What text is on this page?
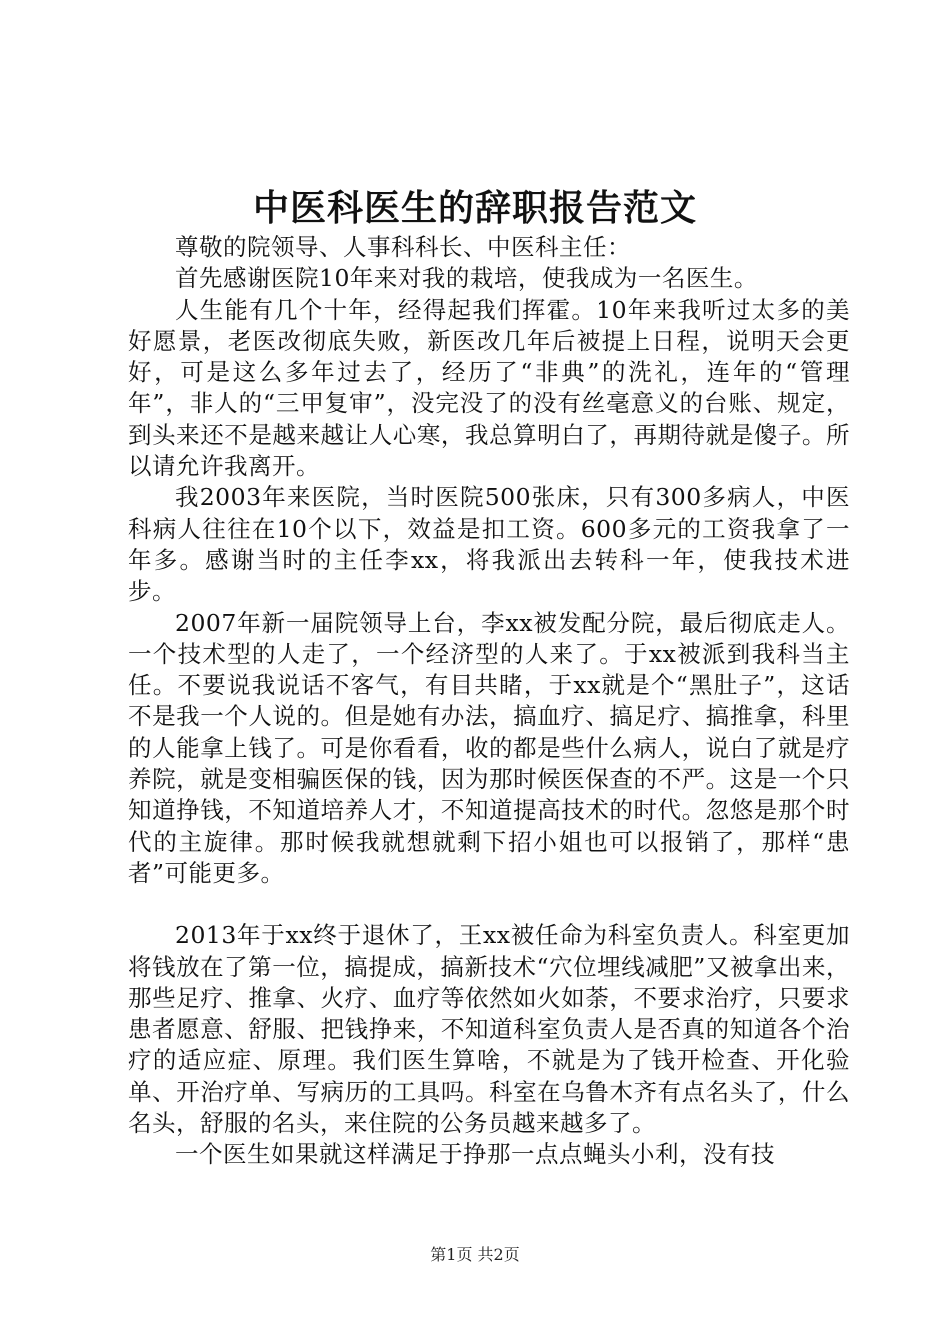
中医科医生的辞职报告范文

尊敬的院领导、人事科科长、中医科主任：

首先感谢医院10年来对我的栽培，使我成为一名医生。

人生能有几个十年，经得起我们挥霍。10年来我听过太多的美好愿景，老医改彻底失败，新医改几年后被提上日程，说明天会更好，可是这么多年过去了，经历了“非典”的洗礼，连年的“管理年”，非人的“三甲复审”，没完没了的没有丝毫意义的台账、规定，到头来还不是越来越让人心寒，我总算明白了，再期待就是傻子。所以请允许我离开。

我2003年来医院，当时医院500张床，只有300多病人，中医科病人往往在10个以下，效益是扣工资。600多元的工资我拿了一年多。感谢当时的主任李xx，将我派出去转科一年，使我技术进步。

2007年新一届院领导上台，李xx被发配分院，最后彻底走人。一个技术型的人走了，一个经济型的人来了。于xx被派到我科当主任。不要说我说话不客气，有目共睹，于xx就是个“黑肚子”，这话不是我一个人说的。但是她有办法，搞血疗、搞足疗、搞推拿，科里的人能拿上钱了。可是你看看，收的都是些什么病人，说白了就是疗养院，就是变相骗医保的钱，因为那时候医保查的不严。这是一个只知道挣钱，不知道培养人才，不知道提高技术的时代。忽悠是那个时代的主旋律。那时候我就想就剩下招小姐也可以报销了，那样“患者”可能更多。

2013年于xx终于退休了，王xx被任命为科室负责人。科室更加将钱放在了第一位，搞提成，搞新技术“穴位埋线减肥”又被拿出来，那些足疗、推拿、火疗、血疗等依然如火如荼，不要求治疗，只要求患者愿意、舒服、把钱挣来，不知道科室负责人是否真的知道各个治疗的适应症、原理。我们医生算啥，不就是为了钱开检查、开化验单、开治疗单、写病历的工具吗。科室在乌鲁木齐有点名头了，什么名头，舒服的名头，来住院的公务员越来越多了。

一个医生如果就这样满足于挣那一点点蝇头小利，没有技

第1页 共2页
